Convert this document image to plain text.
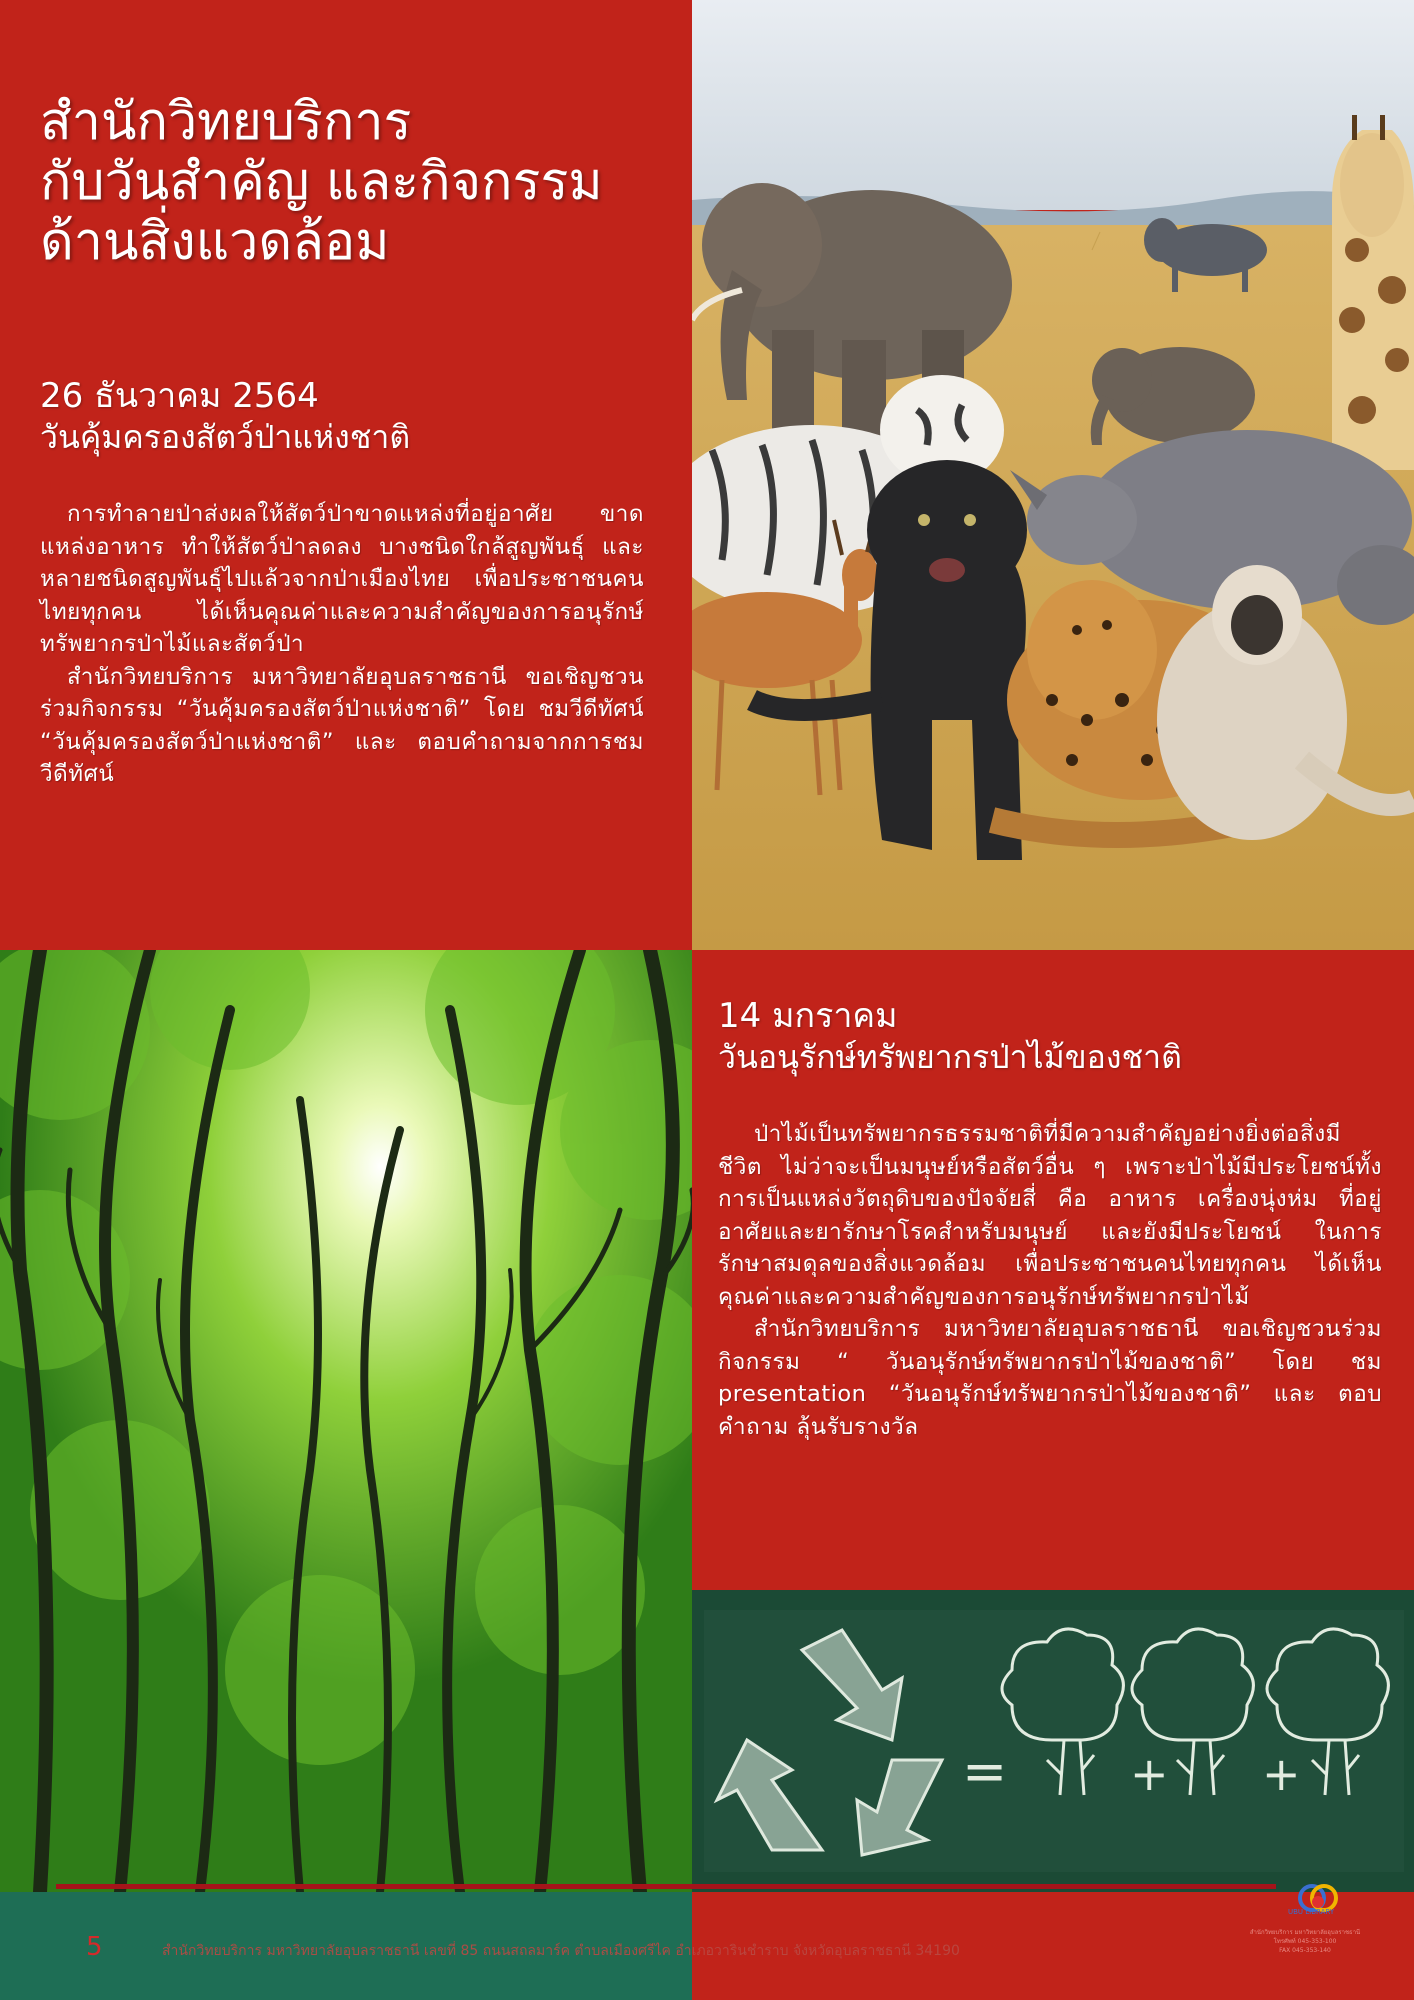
สำนักวิทยบริการ
กับวันสำคัญ และกิจกรรม
ด้านสิ่งแวดล้อม
26 ธันวาคม 2564
วันคุ้มครองสัตว์ป่าแห่งชาติ

การทำลายป่าส่งผลให้สัตว์ป่าขาดแหล่งที่อยู่อาศัย ขาดแหล่งอาหาร ทำให้สัตว์ป่าลดลง บางชนิดใกล้สูญพันธุ์ และหลายชนิดสูญพันธุ์ไปแล้วจากป่าเมืองไทย เพื่อประชาชนคนไทยทุกคน ได้เห็นคุณค่าและความสำคัญของการอนุรักษ์ทรัพยากรป่าไม้และสัตว์ป่า

สำนักวิทยบริการ มหาวิทยาลัยอุบลราชธานี ขอเชิญชวนร่วมกิจกรรม “วันคุ้มครองสัตว์ป่าแห่งชาติ” โดย ชมวีดีทัศน์ “วันคุ้มครองสัตว์ป่าแห่งชาติ” และ ตอบคำถามจากการชมวีดีทัศน์

14 มกราคม
วันอนุรักษ์ทรัพยากรป่าไม้ของชาติ

ป่าไม้เป็นทรัพยากรธรรมชาติที่มีความสำคัญอย่างยิ่งต่อสิ่งมีชีวิต ไม่ว่าจะเป็นมนุษย์หรือสัตว์อื่น ๆ เพราะป่าไม้มีประโยชน์ทั้งการเป็นแหล่งวัตถุดิบของปัจจัยสี่ คือ อาหาร เครื่องนุ่งห่ม ที่อยู่อาศัยและยารักษาโรคสำหรับมนุษย์ และยังมีประโยชน์ ในการรักษาสมดุลของสิ่งแวดล้อม เพื่อประชาชนคนไทยทุกคน ได้เห็นคุณค่าและความสำคัญของการอนุรักษ์ทรัพยากรป่าไม้

สำนักวิทยบริการ มหาวิทยาลัยอุบลราชธานี ขอเชิญชวนร่วมกิจกรรม “ วันอนุรักษ์ทรัพยากรป่าไม้ของชาติ” โดย ชม presentation “วันอนุรักษ์ทรัพยากรป่าไม้ของชาติ” และ ตอบคำถาม ลุ้นรับรางวัล

=	+ +
5	สำนักวิทยบริการ มหาวิทยาลัยอุบลราชธานี เลขที่ 85 ถนนสถลมาร์ค ตำบลเมืองศรีไค อำเภอวารินชำราบ จังหวัดอุบลราชธานี 34190
UBU LIBRARY
สำนักวิทยบริการ มหาวิทยาลัยอุบลราชธานี
โทรศัพท์ 045-353-100
FAX 045-353-140
